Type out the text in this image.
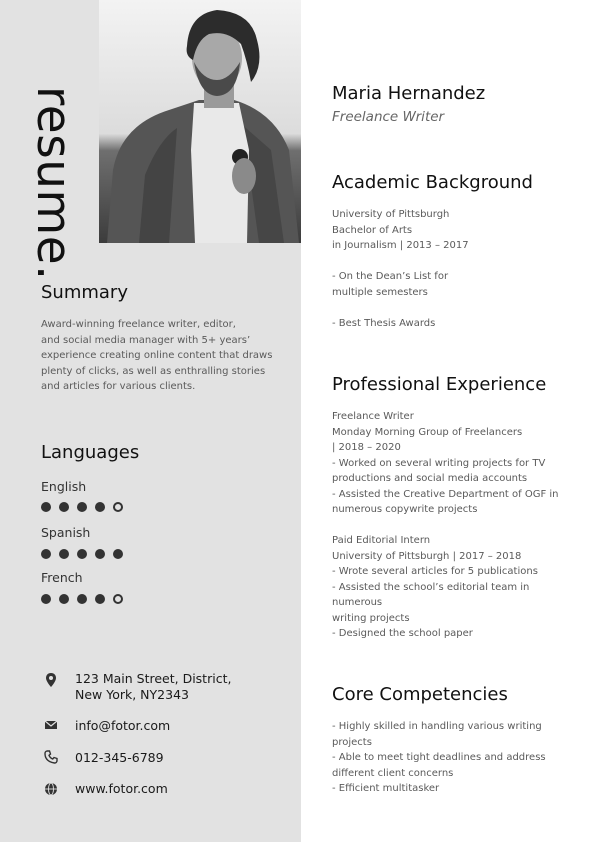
resume.
Summary
Award-winning freelance writer, editor,
and social media manager with 5+ years’
experience creating online content that draws
plenty of clicks, as well as enthralling stories
and articles for various clients.
Languages
English
Spanish
French
123 Main Street, District,
New York, NY2343
info@fotor.com
012-345-6789
www.fotor.com
Maria Hernandez
Freelance Writer
Academic Background
University of Pittsburgh
Bachelor of Arts
in Journalism | 2013 – 2017
- On the Dean’s List for
multiple semesters
- Best Thesis Awards
Professional Experience
Freelance Writer
Monday Morning Group of Freelancers
| 2018 – 2020
- Worked on several writing projects for TV
productions and social media accounts
- Assisted the Creative Department of OGF in
numerous copywrite projects
Paid Editorial Intern
University of Pittsburgh | 2017 – 2018
- Wrote several articles for 5 publications
- Assisted the school’s editorial team in
numerous
writing projects
- Designed the school paper
Core Competencies
- Highly skilled in handling various writing
projects
- Able to meet tight deadlines and address
different client concerns
- Efficient multitasker
